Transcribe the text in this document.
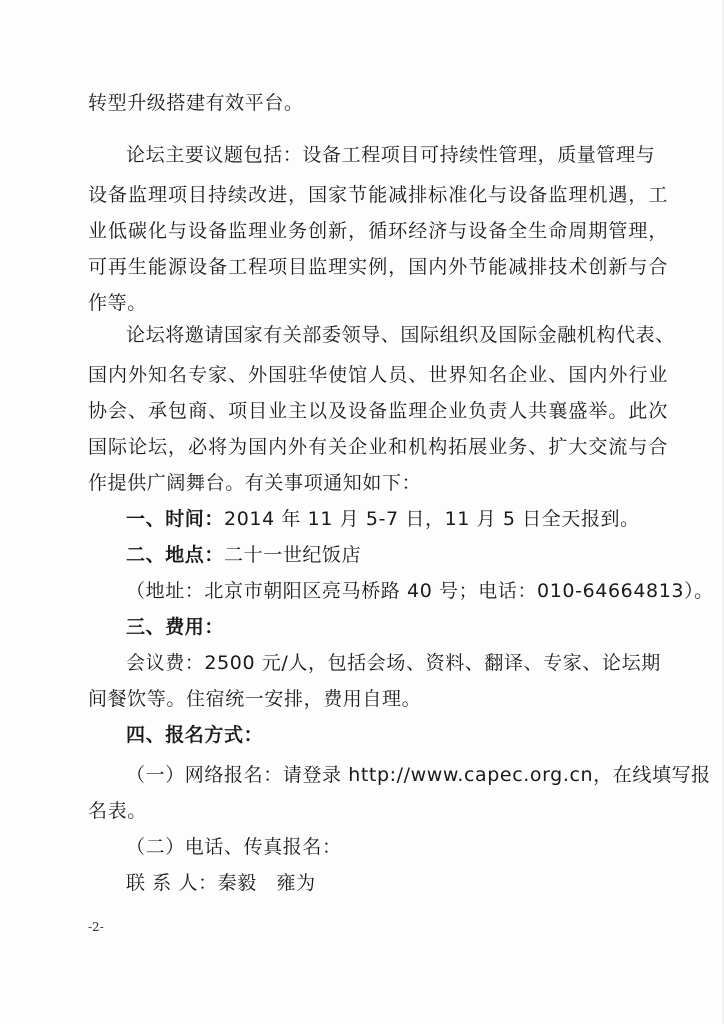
转型升级搭建有效平台。
论坛主要议题包括：设备工程项目可持续性管理，质量管理与
设备监理项目持续改进，国家节能减排标准化与设备监理机遇，工
业低碳化与设备监理业务创新，循环经济与设备全生命周期管理，
可再生能源设备工程项目监理实例，国内外节能减排技术创新与合
作等。
论坛将邀请国家有关部委领导、国际组织及国际金融机构代表、
国内外知名专家、外国驻华使馆人员、世界知名企业、国内外行业
协会、承包商、项目业主以及设备监理企业负责人共襄盛举。此次
国际论坛，必将为国内外有关企业和机构拓展业务、扩大交流与合
作提供广阔舞台。有关事项通知如下：
一、时间：2014 年 11 月 5-7 日，11 月 5 日全天报到。
二、地点：二十一世纪饭店
（地址：北京市朝阳区亮马桥路 40 号；电话：010-64664813）。
三、费用：
会议费：2500 元/人，包括会场、资料、翻译、专家、论坛期
间餐饮等。住宿统一安排，费用自理。
四、报名方式：
（一）网络报名：请登录 http://www.capec.org.cn，在线填写报
名表。
（二）电话、传真报名：
联 系 人：秦毅　雍为
-2-
